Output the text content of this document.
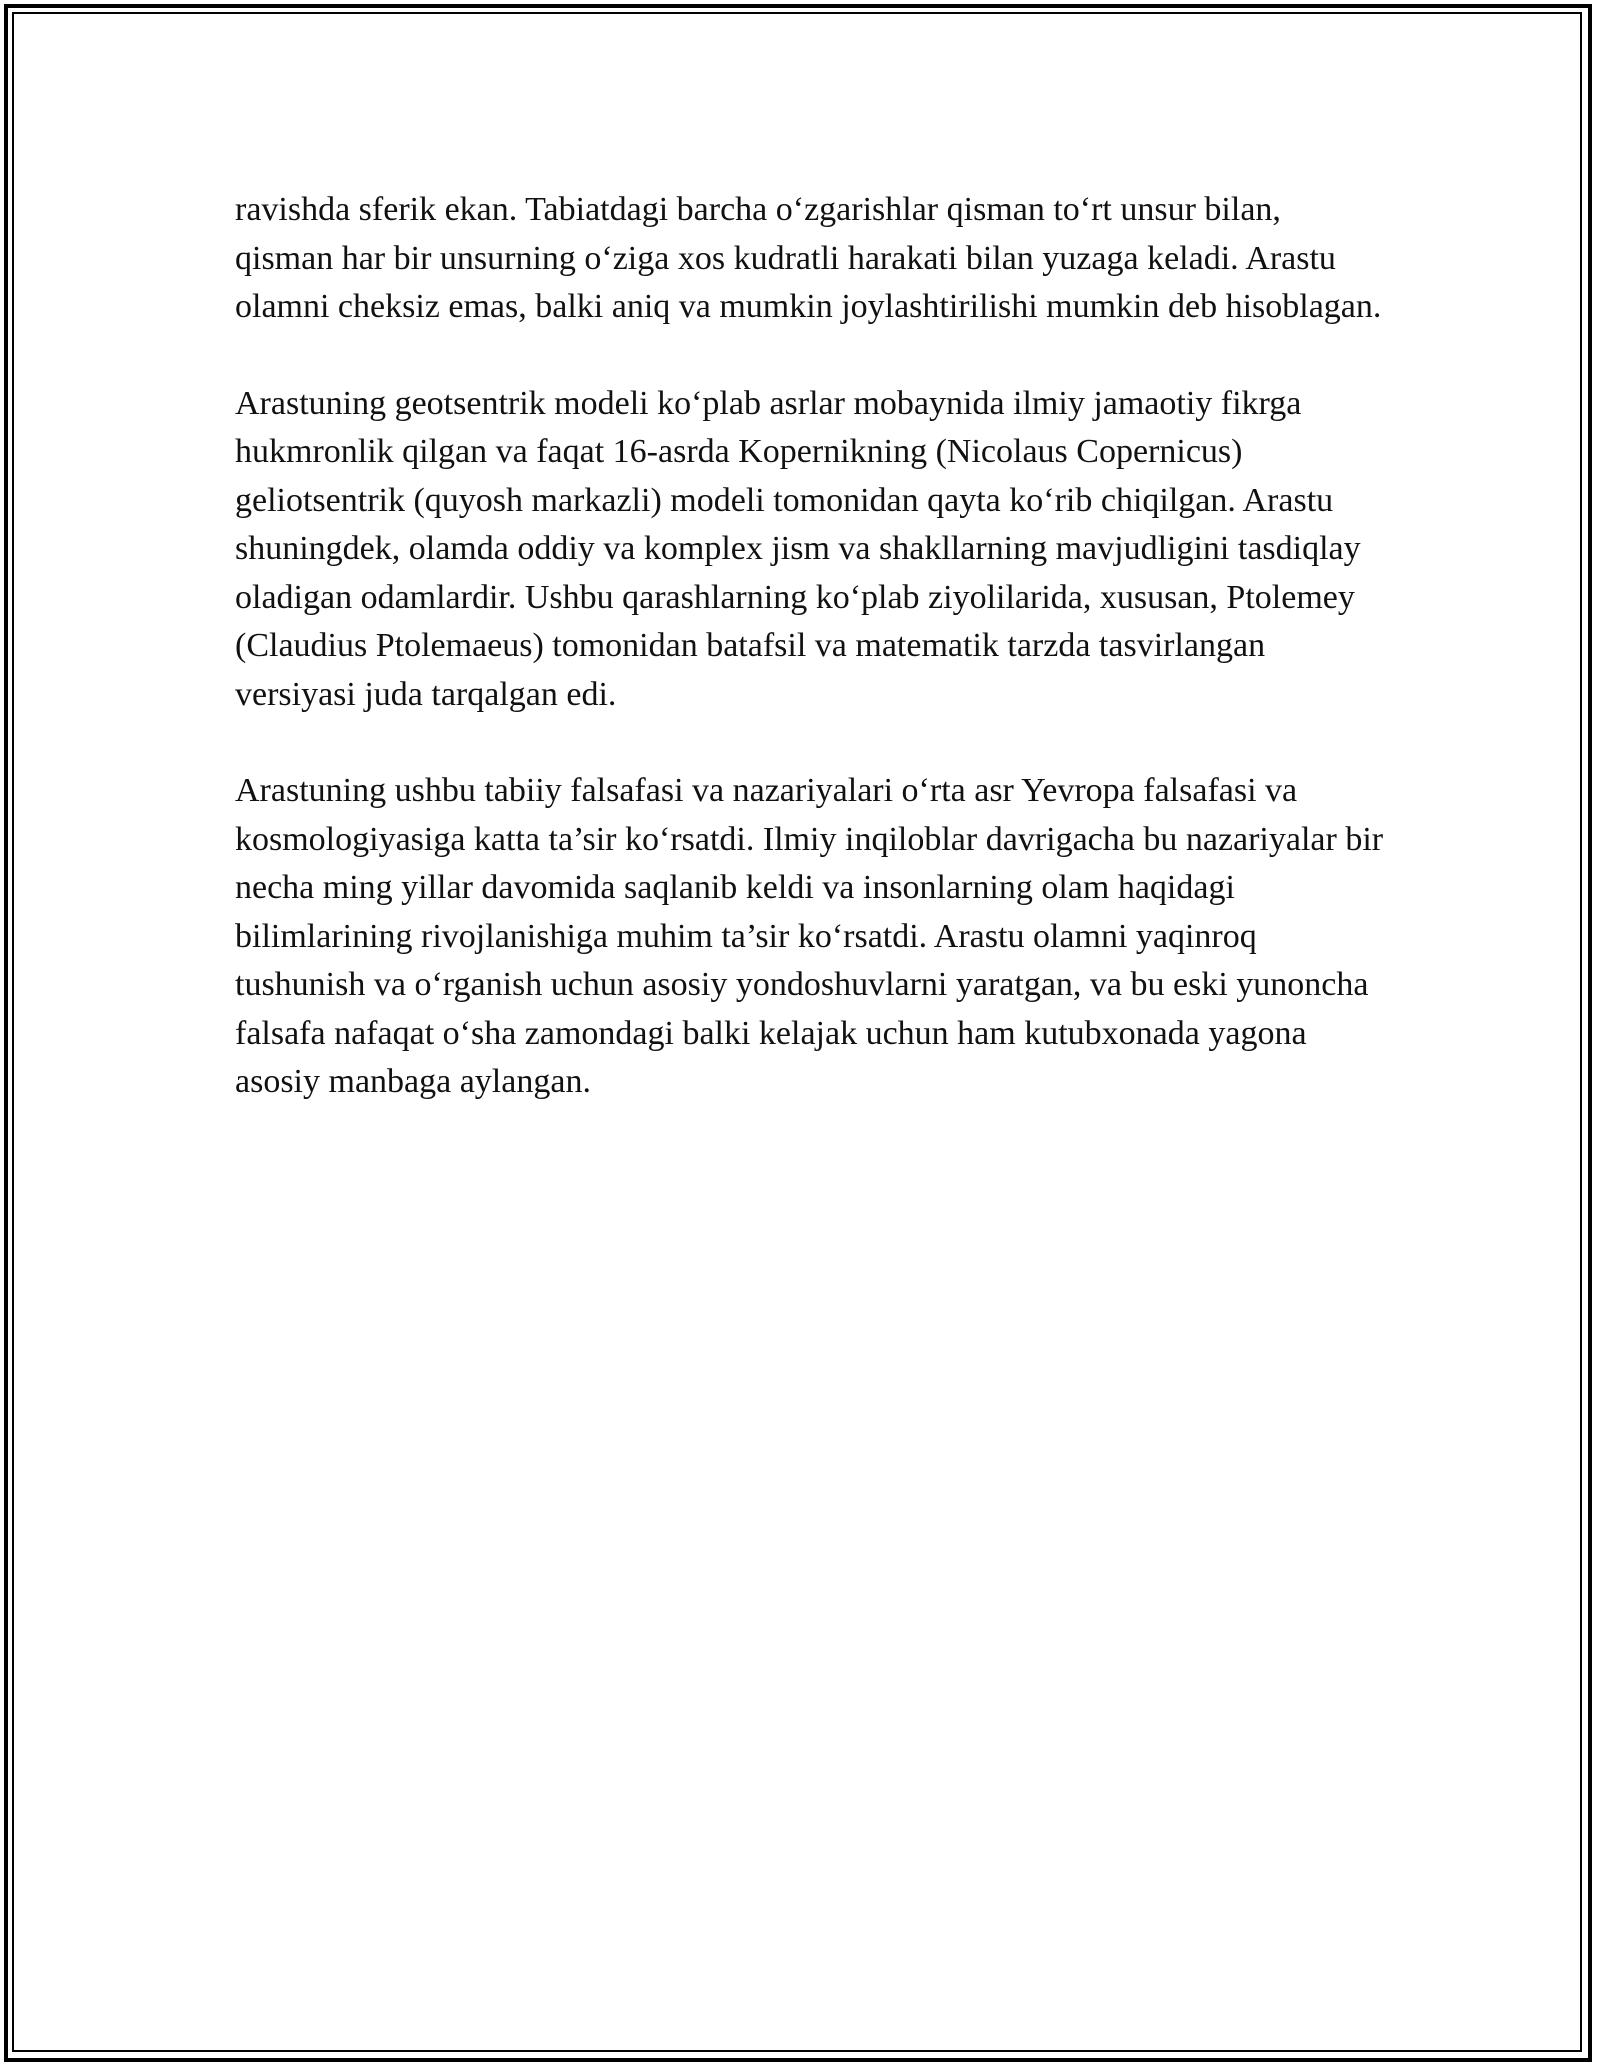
ravishda sferik ekan. Tabiatdagi barcha o‘zgarishlar qisman to‘rt unsur bilan, qisman har bir unsurning o‘ziga xos kudratli harakati bilan yuzaga keladi. Arastu olamni cheksiz emas, balki aniq va mumkin joylashtirilishi mumkin deb hisoblagan.

Arastuning geotsentrik modeli ko‘plab asrlar mobaynida ilmiy jamaotiy fikrga hukmronlik qilgan va faqat 16-asrda Kopernikning (Nicolaus Copernicus) geliotsentrik (quyosh markazli) modeli tomonidan qayta ko‘rib chiqilgan. Arastu shuningdek, olamda oddiy va komplex jism va shakllarning mavjudligini tasdiqlay oladigan odamlardir. Ushbu qarashlarning ko‘plab ziyolilarida, xususan, Ptolemey (Claudius Ptolemaeus) tomonidan batafsil va matematik tarzda tasvirlangan versiyasi juda tarqalgan edi.

Arastuning ushbu tabiiy falsafasi va nazariyalari o‘rta asr Yevropa falsafasi va kosmologiyasiga katta ta’sir ko‘rsatdi. Ilmiy inqiloblar davrigacha bu nazariyalar bir necha ming yillar davomida saqlanib keldi va insonlarning olam haqidagi bilimlarining rivojlanishiga muhim ta’sir ko‘rsatdi. Arastu olamni yaqinroq tushunish va o‘rganish uchun asosiy yondoshuvlarni yaratgan, va bu eski yunoncha falsafa nafaqat o‘sha zamondagi balki kelajak uchun ham kutubxonada yagona asosiy manbaga aylangan.
